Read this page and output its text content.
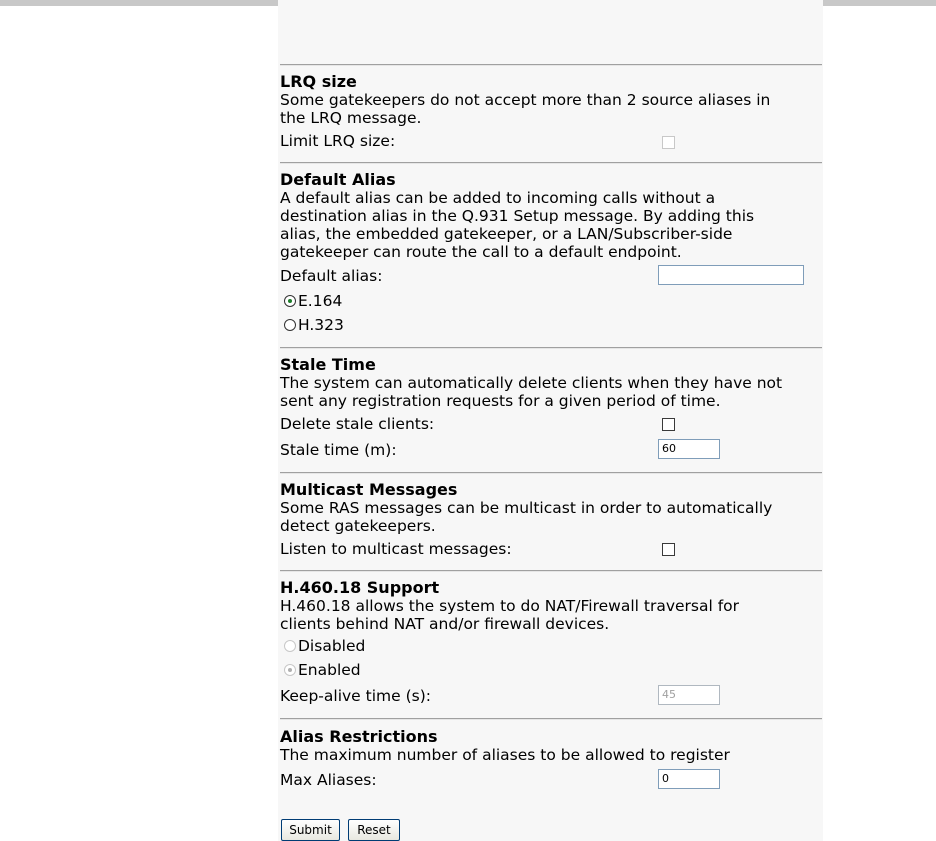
LRQ size
Some gatekeepers do not accept more than 2 source aliases in
the LRQ message.
Limit LRQ size:
Default Alias
A default alias can be added to incoming calls without a
destination alias in the Q.931 Setup message. By adding this
alias, the embedded gatekeeper, or a LAN/Subscriber-side
gatekeeper can route the call to a default endpoint.
Default alias:
E.164
H.323
Stale Time
The system can automatically delete clients when they have not
sent any registration requests for a given period of time.
Delete stale clients:
Stale time (m):	60
Multicast Messages
Some RAS messages can be multicast in order to automatically
detect gatekeepers.
Listen to multicast messages:
H.460.18 Support
H.460.18 allows the system to do NAT/Firewall traversal for
clients behind NAT and/or firewall devices.
Disabled
Enabled
Keep-alive time (s):	45
Alias Restrictions
The maximum number of aliases to be allowed to register
Max Aliases:	0
Submit	Reset
